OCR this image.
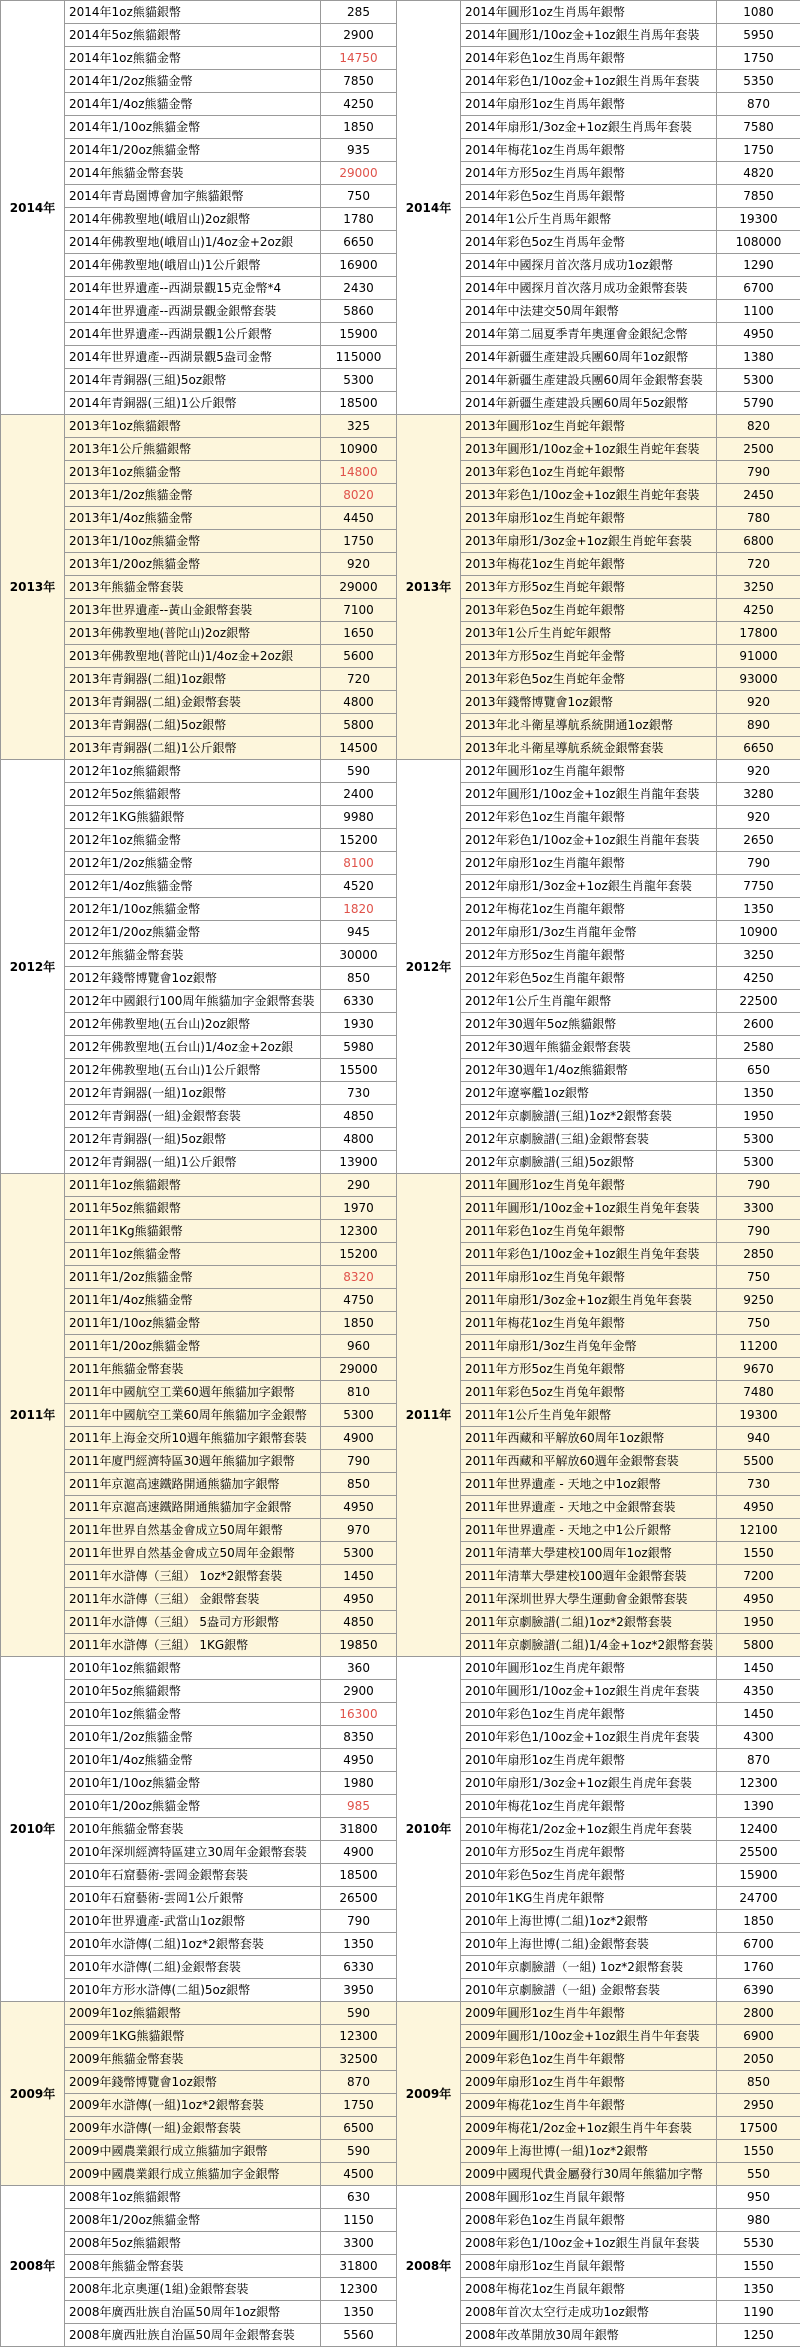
2014年	2014年1oz熊貓銀幣	285	2014年	2014年圓形1oz生肖馬年銀幣	1080
	2014年5oz熊貓銀幣	2900		2014年圓形1/10oz金+1oz銀生肖馬年套裝	5950
	2014年1oz熊貓金幣	14750		2014年彩色1oz生肖馬年銀幣	1750
	2014年1/2oz熊貓金幣	7850		2014年彩色1/10oz金+1oz銀生肖馬年套裝	5350
	2014年1/4oz熊貓金幣	4250		2014年扇形1oz生肖馬年銀幣	870
	2014年1/10oz熊貓金幣	1850		2014年扇形1/3oz金+1oz銀生肖馬年套裝	7580
	2014年1/20oz熊貓金幣	935		2014年梅花1oz生肖馬年銀幣	1750
	2014年熊貓金幣套裝	29000		2014年方形5oz生肖馬年銀幣	4820
	2014年青島園博會加字熊貓銀幣	750		2014年彩色5oz生肖馬年銀幣	7850
	2014年佛教聖地(峨眉山)2oz銀幣	1780		2014年1公斤生肖馬年銀幣	19300
	2014年佛教聖地(峨眉山)1/4oz金+2oz銀	6650		2014年彩色5oz生肖馬年金幣	108000
	2014年佛教聖地(峨眉山)1公斤銀幣	16900		2014年中國探月首次落月成功1oz銀幣	1290
	2014年世界遺產--西湖景觀15克金幣*4	2430		2014年中國探月首次落月成功金銀幣套裝	6700
	2014年世界遺產--西湖景觀金銀幣套裝	5860		2014年中法建交50周年銀幣	1100
	2014年世界遺產--西湖景觀1公斤銀幣	15900		2014年第二屆夏季青年奧運會金銀紀念幣	4950
	2014年世界遺產--西湖景觀5盎司金幣	115000		2014年新疆生產建設兵團60周年1oz銀幣	1380
	2014年青銅器(三組)5oz銀幣	5300		2014年新疆生產建設兵團60周年金銀幣套裝	5300
	2014年青銅器(三組)1公斤銀幣	18500		2014年新疆生產建設兵團60周年5oz銀幣	5790
2013年	2013年1oz熊貓銀幣	325	2013年	2013年圓形1oz生肖蛇年銀幣	820
	2013年1公斤熊貓銀幣	10900		2013年圓形1/10oz金+1oz銀生肖蛇年套裝	2500
	2013年1oz熊貓金幣	14800		2013年彩色1oz生肖蛇年銀幣	790
	2013年1/2oz熊貓金幣	8020		2013年彩色1/10oz金+1oz銀生肖蛇年套裝	2450
	2013年1/4oz熊貓金幣	4450		2013年扇形1oz生肖蛇年銀幣	780
	2013年1/10oz熊貓金幣	1750		2013年扇形1/3oz金+1oz銀生肖蛇年套裝	6800
	2013年1/20oz熊貓金幣	920		2013年梅花1oz生肖蛇年銀幣	720
	2013年熊貓金幣套裝	29000		2013年方形5oz生肖蛇年銀幣	3250
	2013年世界遺產--黃山金銀幣套裝	7100		2013年彩色5oz生肖蛇年銀幣	4250
	2013年佛教聖地(普陀山)2oz銀幣	1650		2013年1公斤生肖蛇年銀幣	17800
	2013年佛教聖地(普陀山)1/4oz金+2oz銀	5600		2013年方形5oz生肖蛇年金幣	91000
	2013年青銅器(二組)1oz銀幣	720		2013年彩色5oz生肖蛇年金幣	93000
	2013年青銅器(二組)金銀幣套裝	4800		2013年錢幣博覽會1oz銀幣	920
	2013年青銅器(二組)5oz銀幣	5800		2013年北斗衛星導航系統開通1oz銀幣	890
	2013年青銅器(二組)1公斤銀幣	14500		2013年北斗衛星導航系統金銀幣套裝	6650
2012年	2012年1oz熊貓銀幣	590	2012年	2012年圓形1oz生肖龍年銀幣	920
	2012年5oz熊貓銀幣	2400		2012年圓形1/10oz金+1oz銀生肖龍年套裝	3280
	2012年1KG熊貓銀幣	9980		2012年彩色1oz生肖龍年銀幣	920
	2012年1oz熊貓金幣	15200		2012年彩色1/10oz金+1oz銀生肖龍年套裝	2650
	2012年1/2oz熊貓金幣	8100		2012年扇形1oz生肖龍年銀幣	790
	2012年1/4oz熊貓金幣	4520		2012年扇形1/3oz金+1oz銀生肖龍年套裝	7750
	2012年1/10oz熊貓金幣	1820		2012年梅花1oz生肖龍年銀幣	1350
	2012年1/20oz熊貓金幣	945		2012年扇形1/3oz生肖龍年金幣	10900
	2012年熊貓金幣套裝	30000		2012年方形5oz生肖龍年銀幣	3250
	2012年錢幣博覽會1oz銀幣	850		2012年彩色5oz生肖龍年銀幣	4250
	2012年中國銀行100周年熊貓加字金銀幣套裝	6330		2012年1公斤生肖龍年銀幣	22500
	2012年佛教聖地(五台山)2oz銀幣	1930		2012年30週年5oz熊貓銀幣	2600
	2012年佛教聖地(五台山)1/4oz金+2oz銀	5980		2012年30週年熊貓金銀幣套裝	2580
	2012年佛教聖地(五台山)1公斤銀幣	15500		2012年30週年1/4oz熊貓銀幣	650
	2012年青銅器(一組)1oz銀幣	730		2012年遼寧艦1oz銀幣	1350
	2012年青銅器(一組)金銀幣套裝	4850		2012年京劇臉譜(三組)1oz*2銀幣套裝	1950
	2012年青銅器(一組)5oz銀幣	4800		2012年京劇臉譜(三組)金銀幣套裝	5300
	2012年青銅器(一組)1公斤銀幣	13900		2012年京劇臉譜(三組)5oz銀幣	5300
2011年	2011年1oz熊貓銀幣	290	2011年	2011年圓形1oz生肖兔年銀幣	790
	2011年5oz熊貓銀幣	1970		2011年圓形1/10oz金+1oz銀生肖兔年套裝	3300
	2011年1Kg熊貓銀幣	12300		2011年彩色1oz生肖兔年銀幣	790
	2011年1oz熊貓金幣	15200		2011年彩色1/10oz金+1oz銀生肖兔年套裝	2850
	2011年1/2oz熊貓金幣	8320		2011年扇形1oz生肖兔年銀幣	750
	2011年1/4oz熊貓金幣	4750		2011年扇形1/3oz金+1oz銀生肖兔年套裝	9250
	2011年1/10oz熊貓金幣	1850		2011年梅花1oz生肖兔年銀幣	750
	2011年1/20oz熊貓金幣	960		2011年扇形1/3oz生肖兔年金幣	11200
	2011年熊貓金幣套裝	29000		2011年方形5oz生肖兔年銀幣	9670
	2011年中國航空工業60週年熊貓加字銀幣	810		2011年彩色5oz生肖兔年銀幣	7480
	2011年中國航空工業60周年熊貓加字金銀幣	5300		2011年1公斤生肖兔年銀幣	19300
	2011年上海金交所10週年熊貓加字銀幣套裝	4900		2011年西藏和平解放60周年1oz銀幣	940
	2011年廈門經濟特區30週年熊貓加字銀幣	790		2011年西藏和平解放60週年金銀幣套裝	5500
	2011年京滬高速鐵路開通熊貓加字銀幣	850		2011年世界遺產 - 天地之中1oz銀幣	730
	2011年京滬高速鐵路開通熊貓加字金銀幣	4950		2011年世界遺產 - 天地之中金銀幣套裝	4950
	2011年世界自然基金會成立50周年銀幣	970		2011年世界遺產 - 天地之中1公斤銀幣	12100
	2011年世界自然基金會成立50周年金銀幣	5300		2011年清華大學建校100周年1oz銀幣	1550
	2011年水滸傳（三組） 1oz*2銀幣套裝	1450		2011年清華大學建校100週年金銀幣套裝	7200
	2011年水滸傳（三組） 金銀幣套裝	4950		2011年深圳世界大學生運動會金銀幣套裝	4950
	2011年水滸傳（三組） 5盎司方形銀幣	4850		2011年京劇臉譜(二組)1oz*2銀幣套裝	1950
	2011年水滸傳（三組） 1KG銀幣	19850		2011年京劇臉譜(二組)1/4金+1oz*2銀幣套裝	5800
2010年	2010年1oz熊貓銀幣	360	2010年	2010年圓形1oz生肖虎年銀幣	1450
	2010年5oz熊貓銀幣	2900		2010年圓形1/10oz金+1oz銀生肖虎年套裝	4350
	2010年1oz熊貓金幣	16300		2010年彩色1oz生肖虎年銀幣	1450
	2010年1/2oz熊貓金幣	8350		2010年彩色1/10oz金+1oz銀生肖虎年套裝	4300
	2010年1/4oz熊貓金幣	4950		2010年扇形1oz生肖虎年銀幣	870
	2010年1/10oz熊貓金幣	1980		2010年扇形1/3oz金+1oz銀生肖虎年套裝	12300
	2010年1/20oz熊貓金幣	985		2010年梅花1oz生肖虎年銀幣	1390
	2010年熊貓金幣套裝	31800		2010年梅花1/2oz金+1oz銀生肖虎年套裝	12400
	2010年深圳經濟特區建立30周年金銀幣套裝	4900		2010年方形5oz生肖虎年銀幣	25500
	2010年石窟藝術-雲岡金銀幣套裝	18500		2010年彩色5oz生肖虎年銀幣	15900
	2010年石窟藝術-雲岡1公斤銀幣	26500		2010年1KG生肖虎年銀幣	24700
	2010年世界遺產-武當山1oz銀幣	790		2010年上海世博(二組)1oz*2銀幣	1850
	2010年水滸傳(二組)1oz*2銀幣套裝	1350		2010年上海世博(二組)金銀幣套裝	6700
	2010年水滸傳(二組)金銀幣套裝	6330		2010年京劇臉譜（一組) 1oz*2銀幣套裝	1760
	2010年方形水滸傳(二組)5oz銀幣	3950		2010年京劇臉譜（一組) 金銀幣套裝	6390
2009年	2009年1oz熊貓銀幣	590	2009年	2009年圓形1oz生肖牛年銀幣	2800
	2009年1KG熊貓銀幣	12300		2009年圓形1/10oz金+1oz銀生肖牛年套裝	6900
	2009年熊貓金幣套裝	32500		2009年彩色1oz生肖牛年銀幣	2050
	2009年錢幣博覽會1oz銀幣	870		2009年扇形1oz生肖牛年銀幣	850
	2009年水滸傳(一組)1oz*2銀幣套裝	1750		2009年梅花1oz生肖牛年銀幣	2950
	2009年水滸傳(一組)金銀幣套裝	6500		2009年梅花1/2oz金+1oz銀生肖牛年套裝	17500
	2009中國農業銀行成立熊貓加字銀幣	590		2009年上海世博(一組)1oz*2銀幣	1550
	2009中國農業銀行成立熊貓加字金銀幣	4500		2009中國現代貴金屬發行30周年熊貓加字幣	550
2008年	2008年1oz熊貓銀幣	630	2008年	2008年圓形1oz生肖鼠年銀幣	950
	2008年1/20oz熊貓金幣	1150		2008年彩色1oz生肖鼠年銀幣	980
	2008年5oz熊貓銀幣	3300		2008年彩色1/10oz金+1oz銀生肖鼠年套裝	5530
	2008年熊貓金幣套裝	31800		2008年扇形1oz生肖鼠年銀幣	1550
	2008年北京奧運(1組)金銀幣套裝	12300		2008年梅花1oz生肖鼠年銀幣	1350
	2008年廣西壯族自治區50周年1oz銀幣	1350		2008年首次太空行走成功1oz銀幣	1190
	2008年廣西壯族自治區50周年金銀幣套裝	5560		2008年改革開放30周年銀幣	1250
